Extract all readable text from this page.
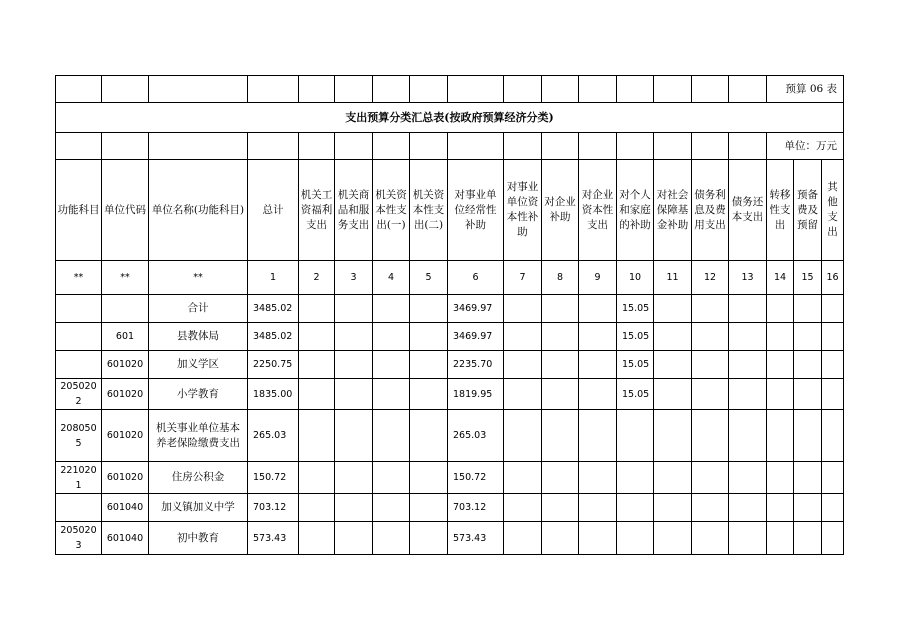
																预算 06 表		
支出预算分类汇总表(按政府预算经济分类)																		
																单位：万元		
功能科目	单位代码	单位名称(功能科目)	总计	机关工资福利支出	机关商品和服务支出	机关资本性支出(一)	机关资本性支出(二)	对事业单位经常性补助	对事业单位资本性补助	对企业补助	对企业资本性支出	对个人和家庭的补助	对社会保障基金补助	债务利息及费用支出	债务还本支出	转移性支出	预备费及预留	其他支出
**	**	**	1	2	3	4	5	6	7	8	9	10	11	12	13	14	15	16
		合计	3485.02					3469.97				15.05						
	601	县教体局	3485.02					3469.97				15.05						
	601020	加义学区	2250.75					2235.70				15.05						
2050202	601020	小学教育	1835.00					1819.95				15.05						
2080505	601020	机关事业单位基本养老保险缴费支出	265.03					265.03										
2210201	601020	住房公积金	150.72					150.72										
	601040	加义镇加义中学	703.12					703.12										
2050203	601040	初中教育	573.43					573.43										
